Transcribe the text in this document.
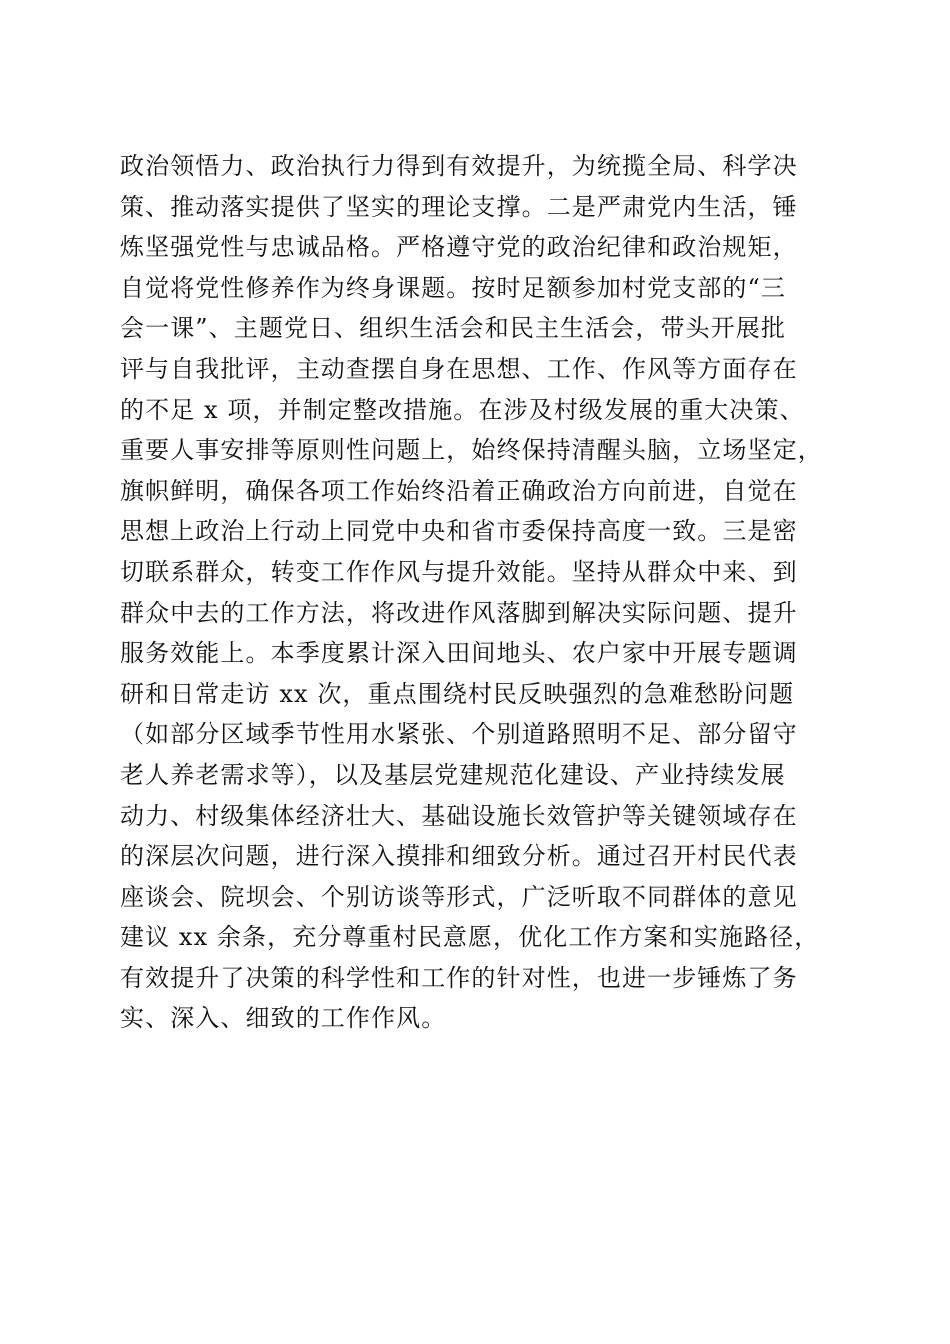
政治领悟力、政治执行力得到有效提升，为统揽全局、科学决
策、推动落实提供了坚实的理论支撑。二是严肃党内生活，锤
炼坚强党性与忠诚品格。严格遵守党的政治纪律和政治规矩，
自觉将党性修养作为终身课题。按时足额参加村党支部的“三
会一课”、主题党日、组织生活会和民主生活会，带头开展批
评与自我批评，主动查摆自身在思想、工作、作风等方面存在
的不足 x 项，并制定整改措施。在涉及村级发展的重大决策、
重要人事安排等原则性问题上，始终保持清醒头脑，立场坚定，
旗帜鲜明，确保各项工作始终沿着正确政治方向前进，自觉在
思想上政治上行动上同党中央和省市委保持高度一致。三是密
切联系群众，转变工作作风与提升效能。坚持从群众中来、到
群众中去的工作方法，将改进作风落脚到解决实际问题、提升
服务效能上。本季度累计深入田间地头、农户家中开展专题调
研和日常走访 xx 次，重点围绕村民反映强烈的急难愁盼问题
（如部分区域季节性用水紧张、个别道路照明不足、部分留守
老人养老需求等），以及基层党建规范化建设、产业持续发展
动力、村级集体经济壮大、基础设施长效管护等关键领域存在
的深层次问题，进行深入摸排和细致分析。通过召开村民代表
座谈会、院坝会、个别访谈等形式，广泛听取不同群体的意见
建议 xx 余条，充分尊重村民意愿，优化工作方案和实施路径，
有效提升了决策的科学性和工作的针对性，也进一步锤炼了务
实、深入、细致的工作作风。
